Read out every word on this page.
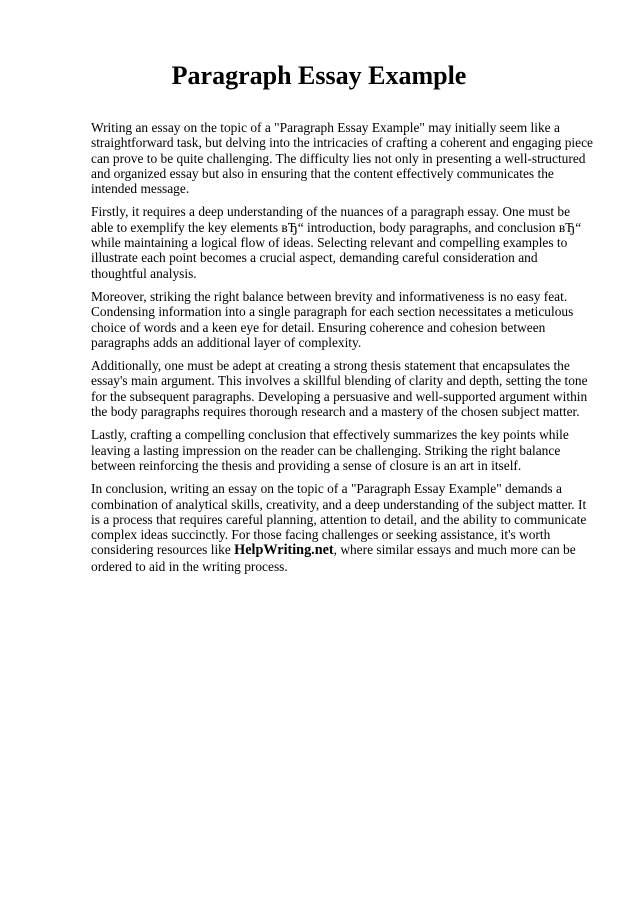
Paragraph Essay Example

Writing an essay on the topic of a "Paragraph Essay Example" may initially seem like a straightforward task, but delving into the intricacies of crafting a coherent and engaging piece can prove to be quite challenging. The difficulty lies not only in presenting a well-structured and organized essay but also in ensuring that the content effectively communicates the intended message.

Firstly, it requires a deep understanding of the nuances of a paragraph essay. One must be able to exemplify the key elements вЂ“ introduction, body paragraphs, and conclusion вЂ“ while maintaining a logical flow of ideas. Selecting relevant and compelling examples to illustrate each point becomes a crucial aspect, demanding careful consideration and thoughtful analysis.

Moreover, striking the right balance between brevity and informativeness is no easy feat. Condensing information into a single paragraph for each section necessitates a meticulous choice of words and a keen eye for detail. Ensuring coherence and cohesion between paragraphs adds an additional layer of complexity.

Additionally, one must be adept at creating a strong thesis statement that encapsulates the essay's main argument. This involves a skillful blending of clarity and depth, setting the tone for the subsequent paragraphs. Developing a persuasive and well-supported argument within the body paragraphs requires thorough research and a mastery of the chosen subject matter.

Lastly, crafting a compelling conclusion that effectively summarizes the key points while leaving a lasting impression on the reader can be challenging. Striking the right balance between reinforcing the thesis and providing a sense of closure is an art in itself.

In conclusion, writing an essay on the topic of a "Paragraph Essay Example" demands a combination of analytical skills, creativity, and a deep understanding of the subject matter. It is a process that requires careful planning, attention to detail, and the ability to communicate complex ideas succinctly. For those facing challenges or seeking assistance, it's worth considering resources like HelpWriting.net, where similar essays and much more can be ordered to aid in the writing process.
